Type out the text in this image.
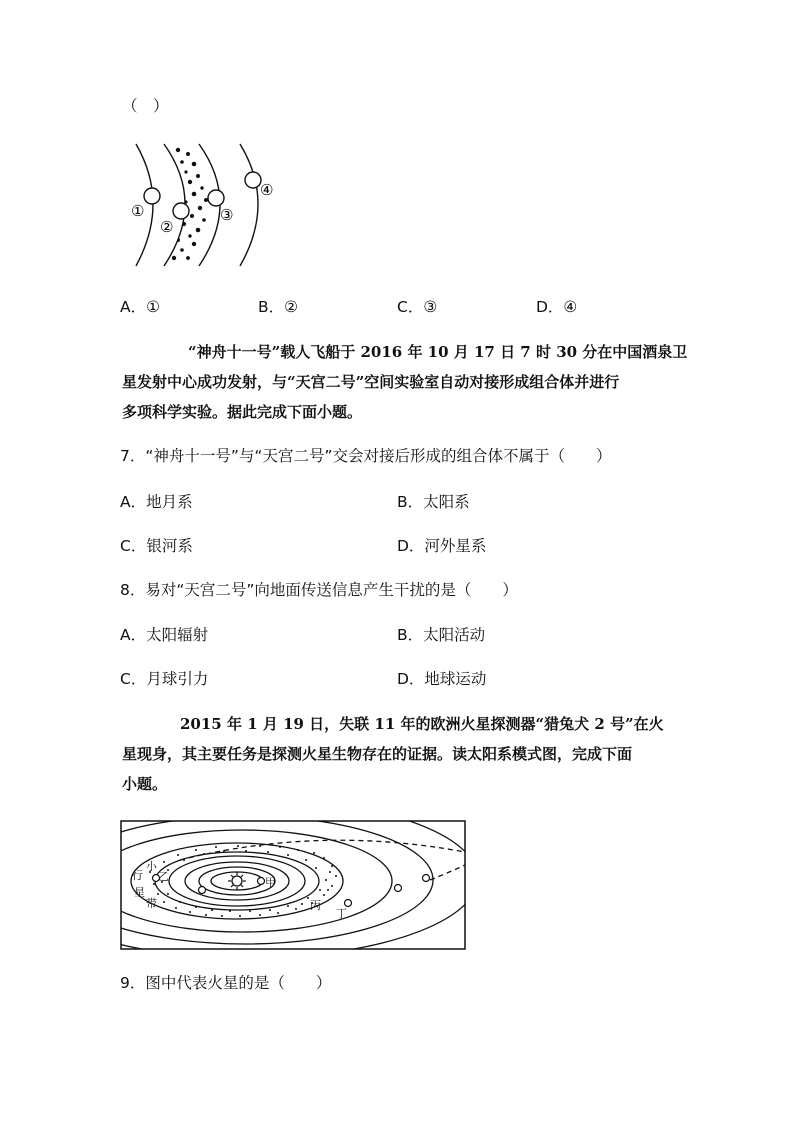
（　）
①
②
③
④
A．①	B．②	C．③	D．④
“神舟十一号”载人飞船于 2016 年 10 月 17 日 7 时 30 分在中国酒泉卫
星发射中心成功发射，与“天宫二号”空间实验室自动对接形成组合体并进行
多项科学实验。据此完成下面小题。
7．“神舟十一号”与“天宫二号”交会对接后形成的组合体不属于（　　）
A．地月系	B．太阳系
C．银河系	D．河外星系
8．易对“天宫二号”向地面传送信息产生干扰的是（　　）
A．太阳辐射	B．太阳活动
C．月球引力	D．地球运动
2015 年 1 月 19 日，失联 11 年的欧洲火星探测器“猎兔犬 2 号”在火
星现身，其主要任务是探测火星生物存在的证据。读太阳系模式图，完成下面
小题。
小
行
星
带
乙	甲
丙
丁
9．图中代表火星的是（　　）
